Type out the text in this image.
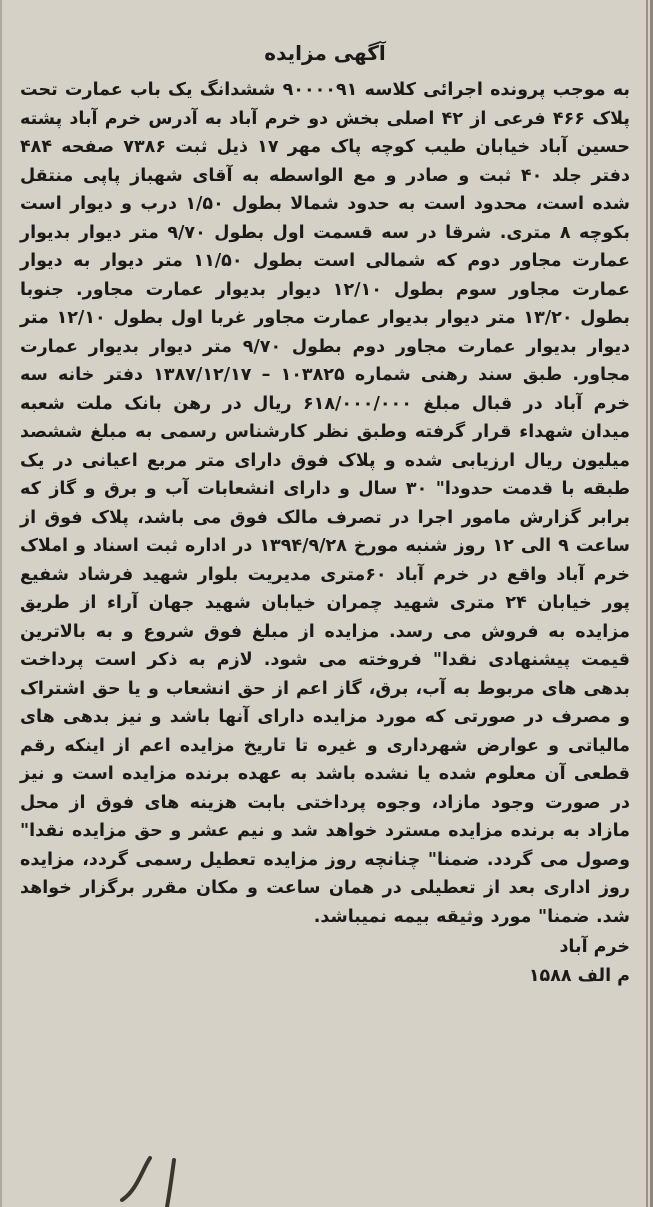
آگهی مزایده

به موجب پرونده اجرائی کلاسه ۹۰۰۰۰۹۱ ششدانگ یک باب عمارت تحت پلاک ۴۶۶ فرعی از ۴۲ اصلی بخش دو خرم آباد به آدرس خرم آباد پشته حسین آباد خیابان طیب کوچه پاک مهر ۱۷ ذیل ثبت ۷۳۸۶ صفحه ۴۸۴ دفتر جلد ۴۰ ثبت و صادر و مع الواسطه به آقای شهباز پاپی منتقل شده است، محدود است به حدود شمالا بطول ۱/۵۰ درب و دیوار است بکوچه ۸ متری. شرقا در سه قسمت اول بطول ۹/۷۰ متر دیوار بدیوار عمارت مجاور دوم که شمالی است بطول ۱۱/۵۰ متر دیوار به دیوار عمارت مجاور سوم بطول ۱۲/۱۰ دیوار بدیوار عمارت مجاور. جنوبا بطول ۱۳/۲۰ متر دیوار بدیوار عمارت مجاور غربا اول بطول ۱۲/۱۰ متر دیوار بدیوار عمارت مجاور دوم بطول ۹/۷۰ متر دیوار بدیوار عمارت مجاور. طبق سند رهنی شماره ۱۰۳۸۲۵ – ۱۳۸۷/۱۲/۱۷ دفتر خانه سه خرم آباد در قبال مبلغ ۶۱۸/۰۰۰/۰۰۰ ریال در رهن بانک ملت شعبه میدان شهداء قرار گرفته وطبق نظر کارشناس رسمی به مبلغ ششصد میلیون ریال ارزیابی شده و پلاک فوق دارای متر مربع اعیانی در یک طبقه با قدمت حدودا" ۳۰ سال و دارای انشعابات آب و برق و گاز که برابر گزارش مامور اجرا در تصرف مالک فوق می باشد، پلاک فوق از ساعت ۹ الی ۱۲ روز شنبه مورخ ۱۳۹۴/۹/۲۸ در اداره ثبت اسناد و املاک خرم آباد واقع در خرم آباد ۶۰متری مدیریت بلوار شهید فرشاد شفیع پور خیابان ۲۴ متری شهید چمران خیابان شهید جهان آراء از طریق مزایده به فروش می رسد. مزایده از مبلغ فوق شروع و به بالاترین قیمت پیشنهادی نقدا" فروخته می شود. لازم به ذکر است پرداخت بدهی های مربوط به آب، برق، گاز اعم از حق انشعاب و یا حق اشتراک و مصرف در صورتی که مورد مزایده دارای آنها باشد و نیز بدهی های مالیاتی و عوارض شهرداری و غیره تا تاریخ مزایده اعم از اینکه رقم قطعی آن معلوم شده یا نشده باشد به عهده برنده مزایده است و نیز در صورت وجود مازاد، وجوه پرداختی بابت هزینه های فوق از محل مازاد به برنده مزایده مسترد خواهد شد و نیم عشر و حق مزایده نقدا" وصول می گردد. ضمنا" چنانچه روز مزایده تعطیل رسمی گردد، مزایده روز اداری بعد از تعطیلی در همان ساعت و مکان مقرر برگزار خواهد شد. ضمنا" مورد وثیقه بیمه نمیباشد.

خرم آباد
م الف ۱۵۸۸
